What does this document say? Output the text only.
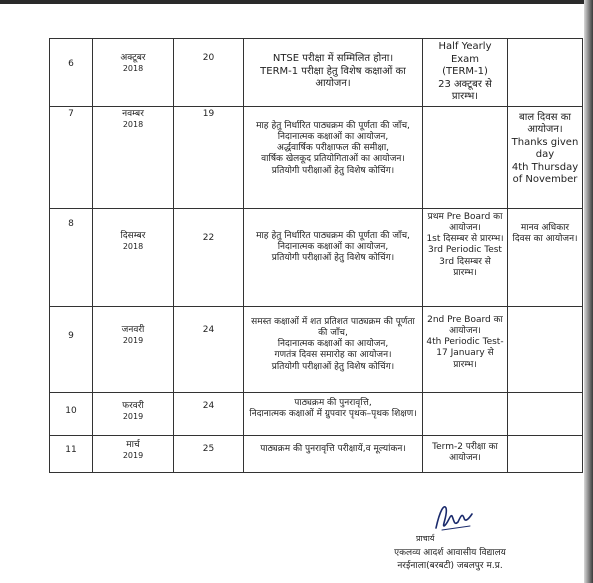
6	अक्टूबर
2018	20	NTSE परीक्षा में सम्मिलित होना।
TERM-1 परीक्षा हेतु विशेष कक्षाओं का आयोजन।	Half Yearly Exam
(TERM-1)
23 अक्टूबर से प्रारम्भ।	

7	नवम्बर
2018	19	माह हेतु निर्धारित पाठ्यक्रम की पूर्णता की जाँच,
निदानात्मक कक्षाओं का आयोजन,
अर्द्धवार्षिक परीक्षाफल की समीक्षा,
वार्षिक खेलकूद प्रतियोगिताओं का आयोजन।
प्रतियोगी परीक्षाओं हेतु विशेष कोचिंग।		बाल दिवस का आयोजन।
Thanks given day
4th Thursday of November

8	दिसम्बर
2018	22	माह हेतु निर्धारित पाठ्यक्रम की पूर्णता की जाँच,
निदानात्मक कक्षाओं का आयोजन,
प्रतियोगी परीक्षाओं हेतु विशेष कोचिंग।	प्रथम Pre Board का आयोजन।
1st दिसम्बर से प्रारम्भ।
3rd Periodic Test
3rd दिसम्बर से प्रारम्भ।	मानव अधिकार दिवस का आयोजन।

9	जनवरी
2019	24	समस्त कक्षाओं में शत प्रतिशत पाठ्यक्रम की पूर्णता की जाँच,
निदानात्मक कक्षाओं का आयोजन,
गणतंत्र दिवस समारोह का आयोजन।
प्रतियोगी परीक्षाओं हेतु विशेष कोचिंग।	2nd Pre Board का आयोजन।
4th Periodic Test- 17 January से प्रारम्भ।	

10	फरवरी
2019	24	पाठ्यक्रम की पुनरावृत्ति,
निदानात्मक कक्षाओं में ग्रुपवार पृथक–पृथक शिक्षण।		

11	मार्च
2019	25	पाठ्यक्रम की पुनरावृत्ति परीक्षायें,व मूल्यांकन।	Term-2 परीक्षा का आयोजन।	

प्राचार्य
एकलव्य आदर्श आवासीय विद्यालय
नरईनाला(बरबटी) जबलपुर म.प्र.
